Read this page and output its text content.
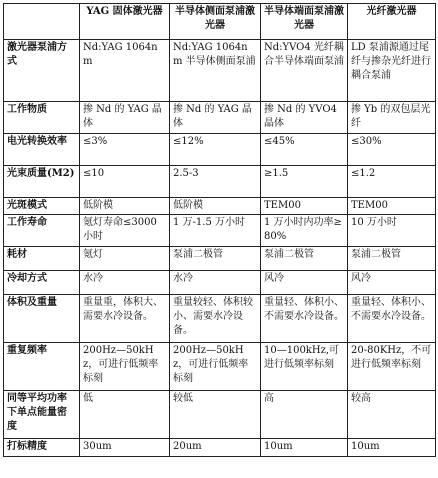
	YAG 固体激光器	半导体侧面泵浦激光器	半导体端面泵浦激光器	光纤激光器
激光器泵浦方式	Nd:YAG 1064nm	Nd:YAG 1064nm 半导体侧面泵浦	Nd:YVO4 光纤耦合半导体端面泵浦	LD 泵浦源通过尾纤与掺杂光纤进行耦合泵浦
工作物质	掺 Nd 的 YAG 晶体	掺 Nd 的 YAG 晶体	掺 Nd 的 YVO4 晶体	掺 Yb 的双包层光纤
电光转换效率	≤3%	≤12%	≤45%	≤30%
光束质量(M2)	≤10	2.5-3	≥1.5	≤1.2
光斑模式	低阶模	低阶模	TEM00	TEM00
工作寿命	氪灯寿命≤3000 小时	1 万-1.5 万小时	1 万小时内功率≥80%	10 万小时
耗材	氪灯	泵浦二极管	泵浦二极管	泵浦二极管
冷却方式	水冷	水冷	风冷	风冷
体积及重量	重量重，体积大、需要水冷设备。	重量较轻、体积较小、需要水冷设备。	重量轻、体积小、不需要水冷设备。	重量轻、体积小、不需要水冷设备。
重复频率	200Hz—50kHz，可进行低频率标刻	200Hz—50kHz，可进行低频率标刻	10—100kHz,可进行低频率标刻	20-80KHz，不可进行低频率标刻
同等平均功率下单点能量密度	低	较低	高	较高
打标精度	30um	20um	10um	10um
